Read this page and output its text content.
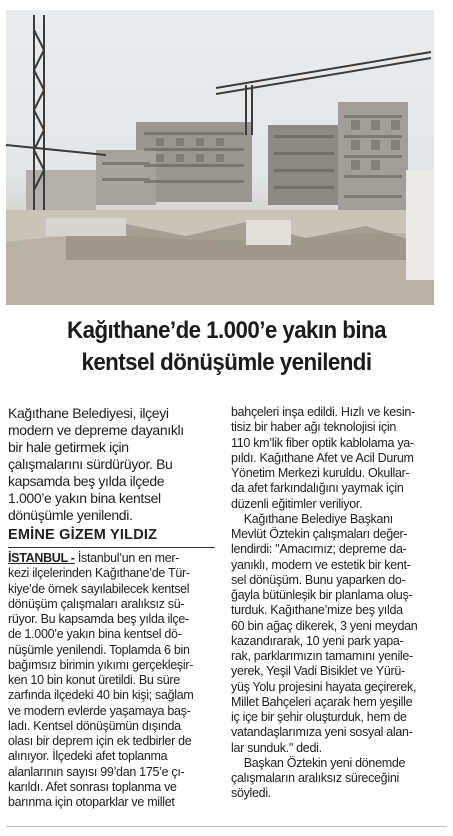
Kağıthane’de 1.000’e yakın bina
kentsel dönüşümle yenilendi
Kağıthane Belediyesi, ilçeyi
modern ve depreme dayanıklı
bir hale getirmek için
çalışmalarını sürdürüyor. Bu
kapsamda beş yılda ilçede
1.000’e yakın bina kentsel
dönüşümle yenilendi.
EMİNE GİZEM YILDIZ
İSTANBUL - İstanbul’un en mer-
kezi ilçelerinden Kağıthane’de Tür-
kiye’de örnek sayılabilecek kentsel
dönüşüm çalışmaları aralıksız sü-
rüyor. Bu kapsamda beş yılda ilçe-
de 1.000’e yakın bina kentsel dö-
nüşümle yenilendi. Toplamda 6 bin
bağımsız birimin yıkımı gerçekleşir-
ken 10 bin konut üretildi. Bu süre
zarfında ilçedeki 40 bin kişi; sağlam
ve modern evlerde yaşamaya baş-
ladı. Kentsel dönüşümün dışında
olası bir deprem için ek tedbirler de
alınıyor. İlçedeki afet toplanma
alanlarının sayısı 99’dan 175’e çı-
karıldı. Afet sonrası toplanma ve
barınma için otoparklar ve millet
bahçeleri inşa edildi. Hızlı ve kesin-
tisiz bir haber ağı teknolojisi için
110 km’lik fiber optik kablolama ya-
pıldı. Kağıthane Afet ve Acil Durum
Yönetim Merkezi kuruldu. Okullar-
da afet farkındalığını yaymak için
düzenli eğitimler veriliyor.
Kağıthane Belediye Başkanı
Mevlüt Öztekin çalışmaları değer-
lendirdi: "Amacımız; depreme da-
yanıklı, modern ve estetik bir kent-
sel dönüşüm. Bunu yaparken do-
ğayla bütünleşik bir planlama oluş-
turduk. Kağıthane’mize beş yılda
60 bin ağaç dikerek, 3 yeni meydan
kazandırarak, 10 yeni park yapa-
rak, parklarımızın tamamını yenile-
yerek, Yeşil Vadi Bisiklet ve Yürü-
yüş Yolu projesini hayata geçirerek,
Millet Bahçeleri açarak hem yeşille
iç içe bir şehir oluşturduk, hem de
vatandaşlarımıza yeni sosyal alan-
lar sunduk." dedi.
Başkan Öztekin yeni dönemde
çalışmaların aralıksız süreceğini
söyledi.
